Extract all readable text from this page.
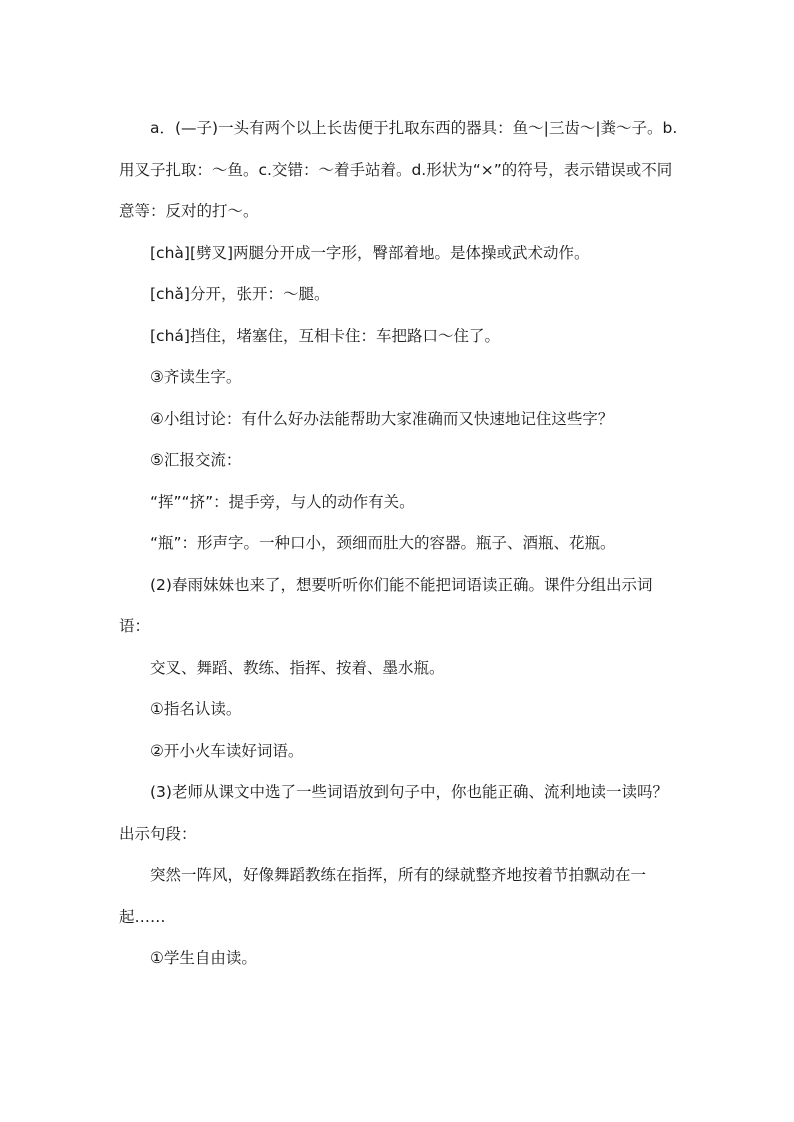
a．(—子)一头有两个以上长齿便于扎取东西的器具：鱼～|三齿～|粪～子。b.用叉子扎取：～鱼。c.交错：～着手站着。d.形状为“×”的符号，表示错误或不同意等：反对的打～。

[chà][劈叉]两腿分开成一字形，臀部着地。是体操或武术动作。

[chǎ]分开，张开：～腿。

[chá]挡住，堵塞住，互相卡住：车把路口～住了。

③齐读生字。

④小组讨论：有什么好办法能帮助大家准确而又快速地记住这些字？

⑤汇报交流：

“挥”“挤”：提手旁，与人的动作有关。

“瓶”：形声字。一种口小，颈细而肚大的容器。瓶子、酒瓶、花瓶。

(2)春雨妹妹也来了，想要听听你们能不能把词语读正确。课件分组出示词语：

交叉、舞蹈、教练、指挥、按着、墨水瓶。

①指名认读。

②开小火车读好词语。

(3)老师从课文中选了一些词语放到句子中，你也能正确、流利地读一读吗？出示句段：

突然一阵风，好像舞蹈教练在指挥，所有的绿就整齐地按着节拍飘动在一起……

①学生自由读。
